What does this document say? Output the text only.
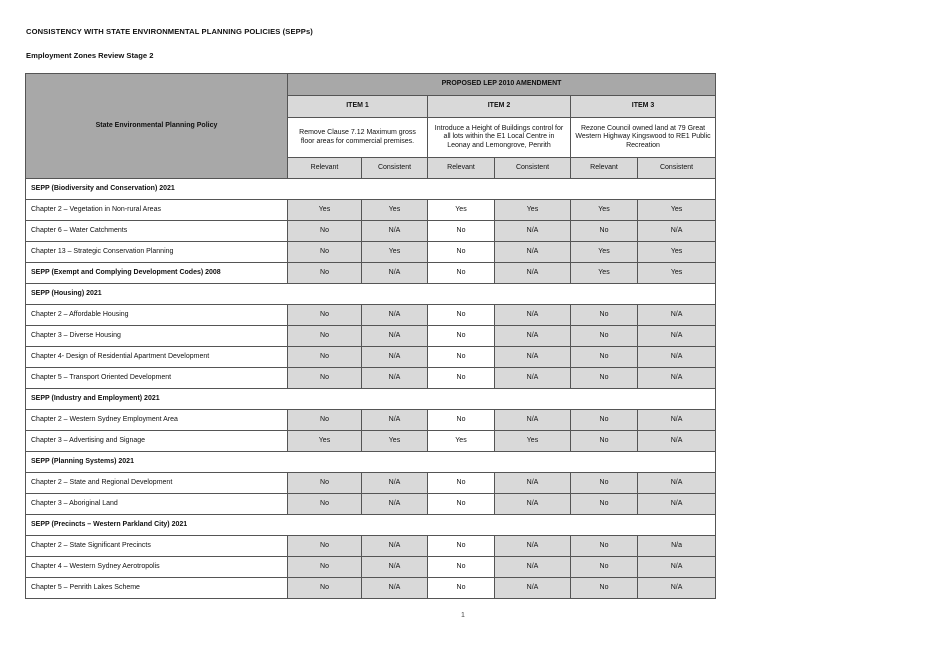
CONSISTENCY WITH STATE ENVIRONMENTAL PLANNING POLICIES (SEPPs)
Employment Zones Review Stage 2
State Environmental Planning Policy	PROPOSED LEP 2010 AMENDMENT					
	ITEM 1		ITEM 2		ITEM 3	
	Remove Clause 7.12 Maximum gross floor areas for commercial premises.		Introduce a Height of Buildings control for all lots within the E1 Local Centre in Leonay and Lemongrove, Penrith		Rezone Council owned land at 79 Great Western Highway Kingswood to RE1 Public Recreation	
	Relevant	Consistent	Relevant	Consistent	Relevant	Consistent
SEPP (Biodiversity and Conservation) 2021						
Chapter 2 – Vegetation in Non-rural Areas	Yes	Yes	Yes	Yes	Yes	Yes
Chapter 6 – Water Catchments	No	N/A	No	N/A	No	N/A
Chapter 13 – Strategic Conservation Planning	No	Yes	No	N/A	Yes	Yes
SEPP (Exempt and Complying Development Codes) 2008	No	N/A	No	N/A	Yes	Yes
SEPP (Housing) 2021						
Chapter 2 – Affordable Housing	No	N/A	No	N/A	No	N/A
Chapter 3 – Diverse Housing	No	N/A	No	N/A	No	N/A
Chapter 4- Design of Residential Apartment Development	No	N/A	No	N/A	No	N/A
Chapter 5 – Transport Oriented Development	No	N/A	No	N/A	No	N/A
SEPP (Industry and Employment) 2021						
Chapter 2 – Western Sydney Employment Area	No	N/A	No	N/A	No	N/A
Chapter 3 – Advertising and Signage	Yes	Yes	Yes	Yes	No	N/A
SEPP (Planning Systems) 2021						
Chapter 2 – State and Regional Development	No	N/A	No	N/A	No	N/A
Chapter 3 – Aboriginal Land	No	N/A	No	N/A	No	N/A
SEPP (Precincts – Western Parkland City) 2021						
Chapter 2 – State Significant Precincts	No	N/A	No	N/A	No	N/a
Chapter 4 – Western Sydney Aerotropolis	No	N/A	No	N/A	No	N/A
Chapter 5 – Penrith Lakes Scheme	No	N/A	No	N/A	No	N/A
1
